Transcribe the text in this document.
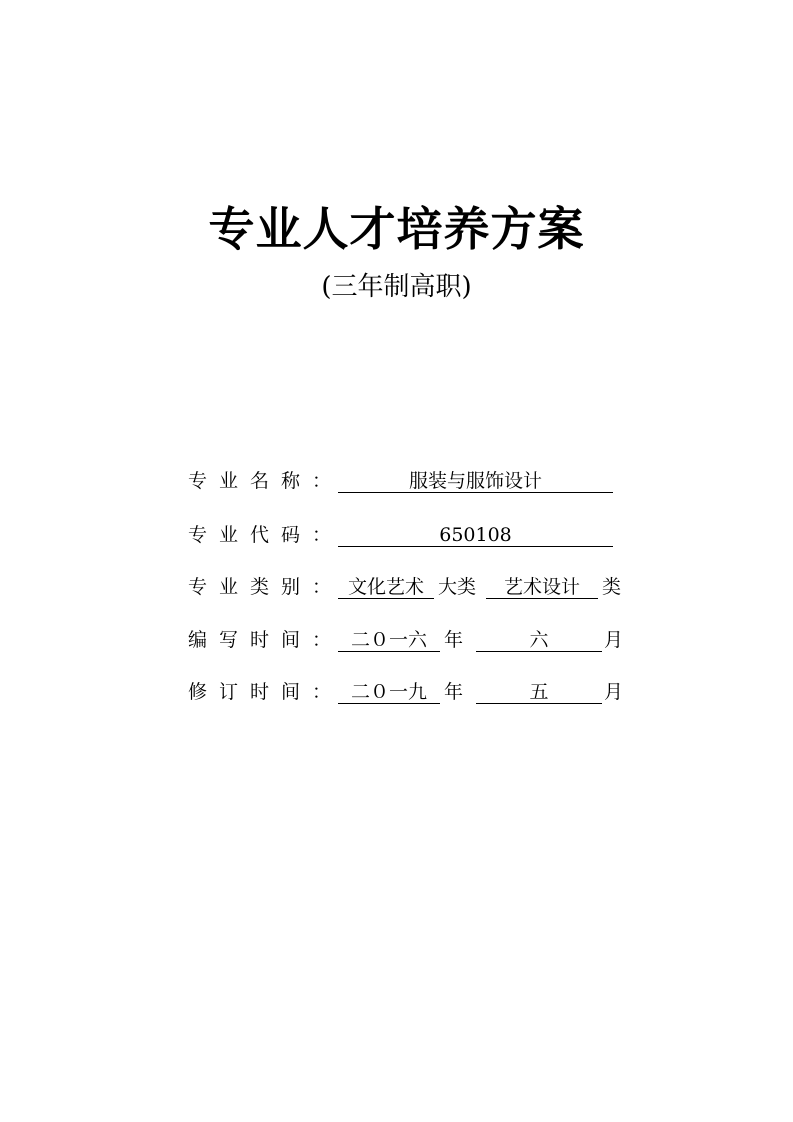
专业人才培养方案
(三年制高职)
专业名称：	服装与服饰设计
专业代码：	650108
专业类别： 文化艺术 大类	艺术设计	类
编写时间： 二０一六 年	六	月
修订时间： 二０一九 年	五	月
